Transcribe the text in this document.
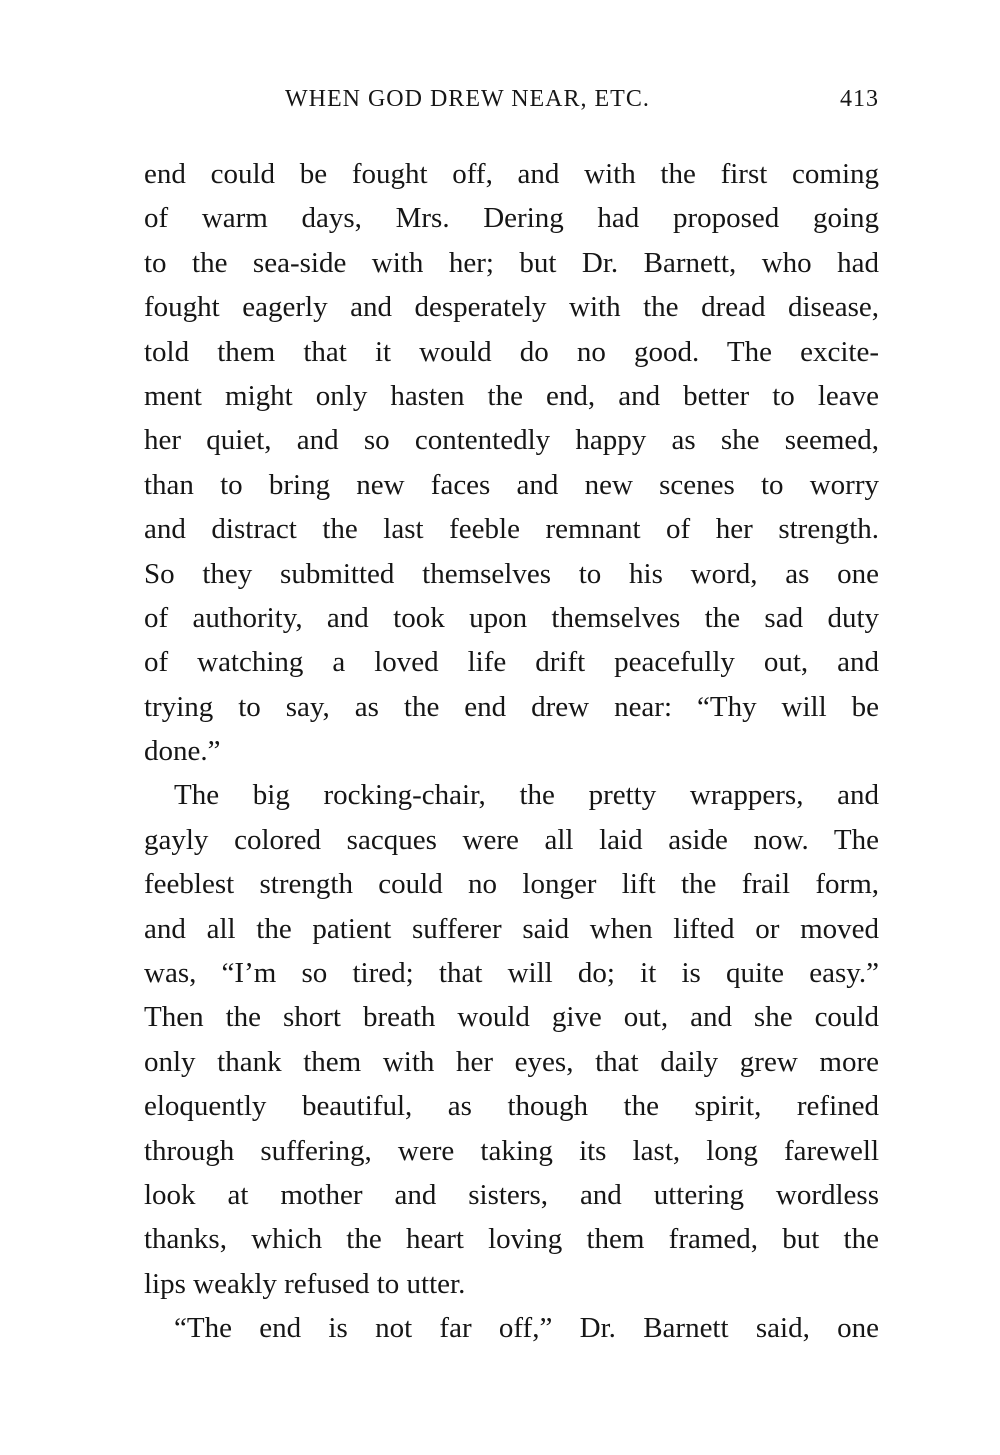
WHEN GOD DREW NEAR, ETC.	413
end could be fought off, and with the first coming
of warm days, Mrs. Dering had proposed going
to the sea-side with her; but Dr. Barnett, who had
fought eagerly and desperately with the dread disease,
told them that it would do no good. The excite-
ment might only hasten the end, and better to leave
her quiet, and so contentedly happy as she seemed,
than to bring new faces and new scenes to worry
and distract the last feeble remnant of her strength.
So they submitted themselves to his word, as one
of authority, and took upon themselves the sad duty
of watching a loved life drift peacefully out, and
trying to say, as the end drew near: “Thy will be
done.”
The big rocking-chair, the pretty wrappers, and
gayly colored sacques were all laid aside now. The
feeblest strength could no longer lift the frail form,
and all the patient sufferer said when lifted or moved
was, “I’m so tired; that will do; it is quite easy.”
Then the short breath would give out, and she could
only thank them with her eyes, that daily grew more
eloquently beautiful, as though the spirit, refined
through suffering, were taking its last, long farewell
look at mother and sisters, and uttering wordless
thanks, which the heart loving them framed, but the
lips weakly refused to utter.
“The end is not far off,” Dr. Barnett said, one
